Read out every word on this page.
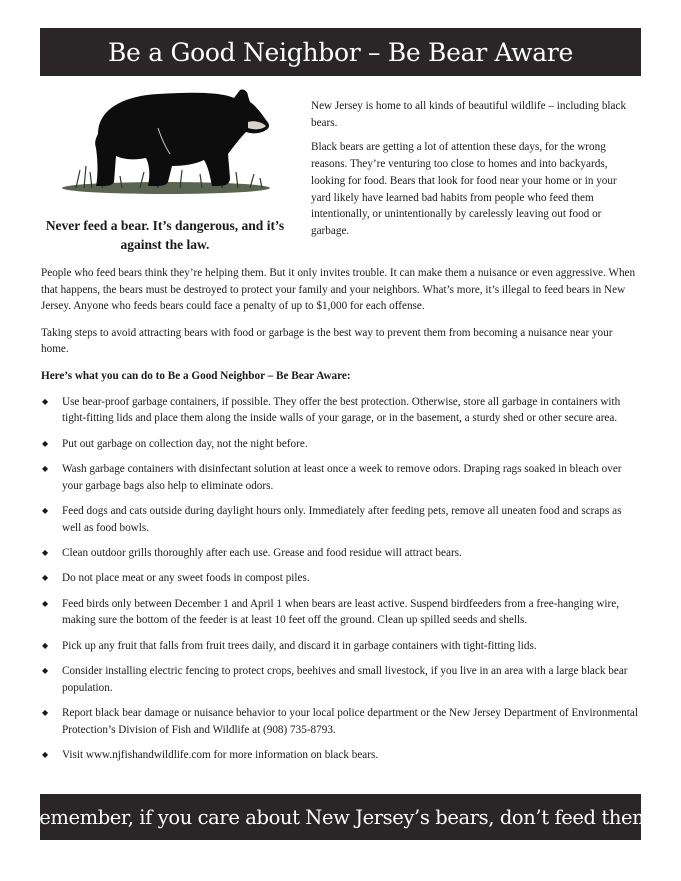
Be a Good Neighbor – Be Bear Aware
Never feed a bear. It’s dangerous, and it’s against the law.

New Jersey is home to all kinds of beautiful wildlife – including black bears.

Black bears are getting a lot of attention these days, for the wrong reasons. They’re venturing too close to homes and into backyards, looking for food. Bears that look for food near your home or in your yard likely have learned bad habits from people who feed them intentionally, or unintentionally by carelessly leaving out food or garbage.

People who feed bears think they’re helping them. But it only invites trouble. It can make them a nuisance or even aggressive. When that happens, the bears must be destroyed to protect your family and your neighbors. What’s more, it’s illegal to feed bears in New Jersey. Anyone who feeds bears could face a penalty of up to $1,000 for each offense.

Taking steps to avoid attracting bears with food or garbage is the best way to prevent them from becoming a nuisance near your home.

Here’s what you can do to Be a Good Neighbor – Be Bear Aware:

◆ Use bear-proof garbage containers, if possible. They offer the best protection. Otherwise, store all garbage in containers with tight-fitting lids and place them along the inside walls of your garage, or in the basement, a sturdy shed or other secure area.
◆ Put out garbage on collection day, not the night before.
◆ Wash garbage containers with disinfectant solution at least once a week to remove odors. Draping rags soaked in bleach over your garbage bags also help to eliminate odors.
◆ Feed dogs and cats outside during daylight hours only. Immediately after feeding pets, remove all uneaten food and scraps as well as food bowls.
◆ Clean outdoor grills thoroughly after each use. Grease and food residue will attract bears.
◆ Do not place meat or any sweet foods in compost piles.
◆ Feed birds only between December 1 and April 1 when bears are least active. Suspend birdfeeders from a free-hanging wire, making sure the bottom of the feeder is at least 10 feet off the ground. Clean up spilled seeds and shells.
◆ Pick up any fruit that falls from fruit trees daily, and discard it in garbage containers with tight-fitting lids.
◆ Consider installing electric fencing to protect crops, beehives and small livestock, if you live in an area with a large black bear population.
◆ Report black bear damage or nuisance behavior to your local police department or the New Jersey Department of Environmental Protection’s Division of Fish and Wildlife at (908) 735-8793.
◆ Visit www.njfishandwildlife.com for more information on black bears.

Remember, if you care about New Jersey’s bears, don’t feed them.
